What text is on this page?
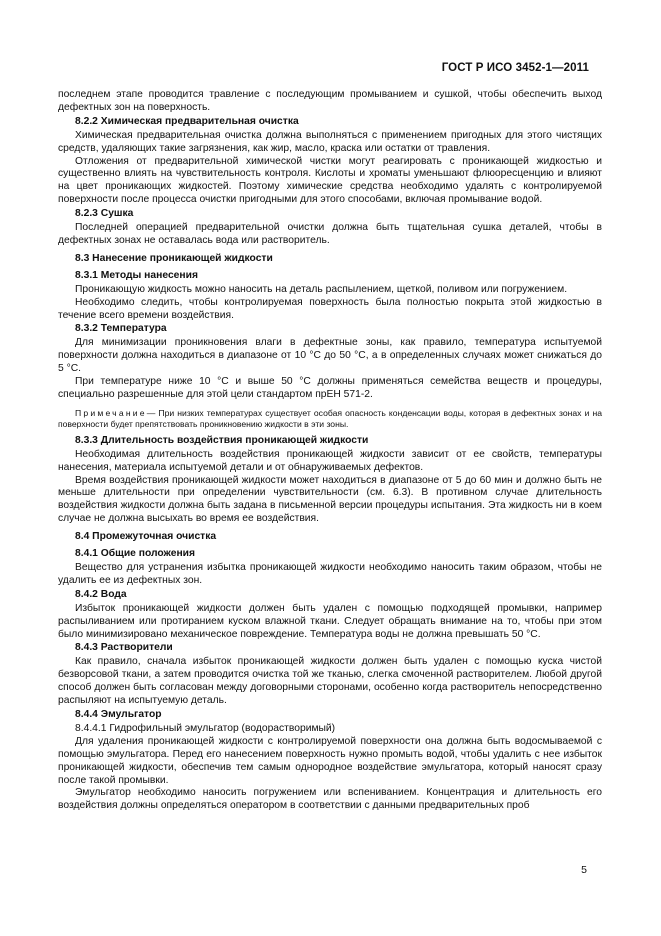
ГОСТ Р ИСО 3452-1—2011
последнем этапе проводится травление с последующим промыванием и сушкой, чтобы обеспечить выход дефектных зон на поверхность.
8.2.2 Химическая предварительная очистка
Химическая предварительная очистка должна выполняться с применением пригодных для этого чистящих средств, удаляющих такие загрязнения, как жир, масло, краска или остатки от травления.
Отложения от предварительной химической чистки могут реагировать с проникающей жидкостью и существенно влиять на чувствительность контроля. Кислоты и хроматы уменьшают флюоресценцию и влияют на цвет проникающих жидкостей. Поэтому химические средства необходимо удалять с контролируемой поверхности после процесса очистки пригодными для этого способами, включая промывание водой.
8.2.3 Сушка
Последней операцией предварительной очистки должна быть тщательная сушка деталей, чтобы в дефектных зонах не оставалась вода или растворитель.
8.3 Нанесение проникающей жидкости
8.3.1 Методы нанесения
Проникающую жидкость можно наносить на деталь распылением, щеткой, поливом или погружением.
Необходимо следить, чтобы контролируемая поверхность была полностью покрыта этой жидкостью в течение всего времени воздействия.
8.3.2 Температура
Для минимизации проникновения влаги в дефектные зоны, как правило, температура испытуемой поверхности должна находиться в диапазоне от 10 °С до 50 °С, а в определенных случаях может снижаться до 5 °С.
При температуре ниже 10 °С и выше 50 °С должны применяться семейства веществ и процедуры, специально разрешенные для этой цели стандартом прЕН 571-2.
Примечание— При низких температурах существует особая опасность конденсации воды, которая в дефектных зонах и на поверхности будет препятствовать проникновению жидкости в эти зоны.
8.3.3 Длительность воздействия проникающей жидкости
Необходимая длительность воздействия проникающей жидкости зависит от ее свойств, температуры нанесения, материала испытуемой детали и от обнаруживаемых дефектов.
Время воздействия проникающей жидкости может находиться в диапазоне от 5 до 60 мин и должно быть не меньше длительности при определении чувствительности (см. 6.3). В противном случае длительность воздействия жидкости должна быть задана в письменной версии процедуры испытания. Эта жидкость ни в коем случае не должна высыхать во время ее воздействия.
8.4 Промежуточная очистка
8.4.1 Общие положения
Вещество для устранения избытка проникающей жидкости необходимо наносить таким образом, чтобы не удалить ее из дефектных зон.
8.4.2 Вода
Избыток проникающей жидкости должен быть удален с помощью подходящей промывки, например распыливанием или протиранием куском влажной ткани. Следует обращать внимание на то, чтобы при этом было минимизировано механическое повреждение. Температура воды не должна превышать 50 °С.
8.4.3 Растворители
Как правило, сначала избыток проникающей жидкости должен быть удален с помощью куска чистой безворсовой ткани, а затем проводится очистка той же тканью, слегка смоченной растворителем. Любой другой способ должен быть согласован между договорными сторонами, особенно когда растворитель непосредственно распыляют на испытуемую деталь.
8.4.4 Эмульгатор
8.4.4.1 Гидрофильный эмульгатор (водорастворимый)
Для удаления проникающей жидкости с контролируемой поверхности она должна быть водосмываемой с помощью эмульгатора. Перед его нанесением поверхность нужно промыть водой, чтобы удалить с нее избыток проникающей жидкости, обеспечив тем самым однородное воздействие эмульгатора, который наносят сразу после такой промывки.
Эмульгатор необходимо наносить погружением или вспениванием. Концентрация и длительность его воздействия должны определяться оператором в соответствии с данными предварительных проб
5
